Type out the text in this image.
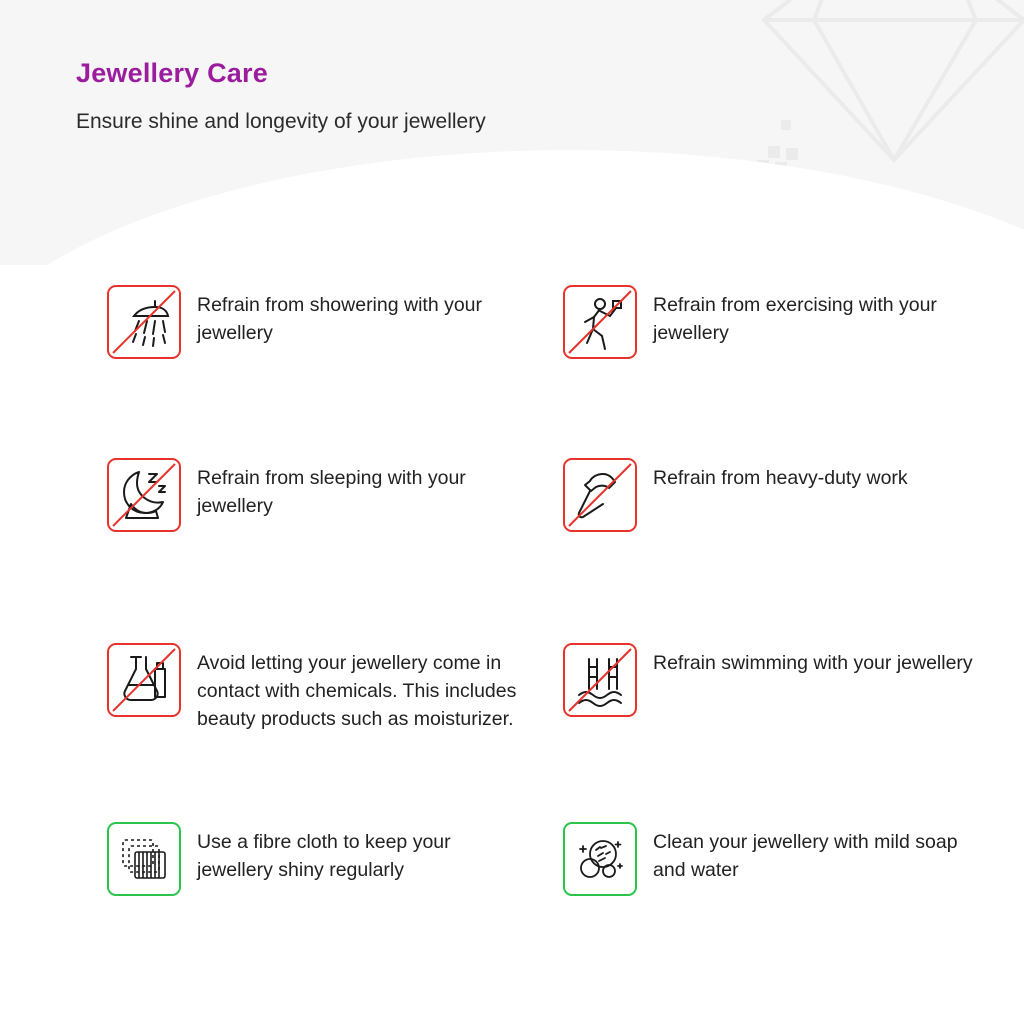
Jewellery Care
Ensure shine and longevity of your jewellery
Refrain from showering with your jewellery
Refrain from exercising with your jewellery
Refrain from sleeping with your jewellery
Refrain from heavy-duty work
Avoid letting your jewellery come in contact with chemicals. This includes beauty products such as moisturizer.
Refrain swimming with your jewellery
Use a fibre cloth to keep your jewellery shiny regularly
Clean your jewellery with mild soap and water
